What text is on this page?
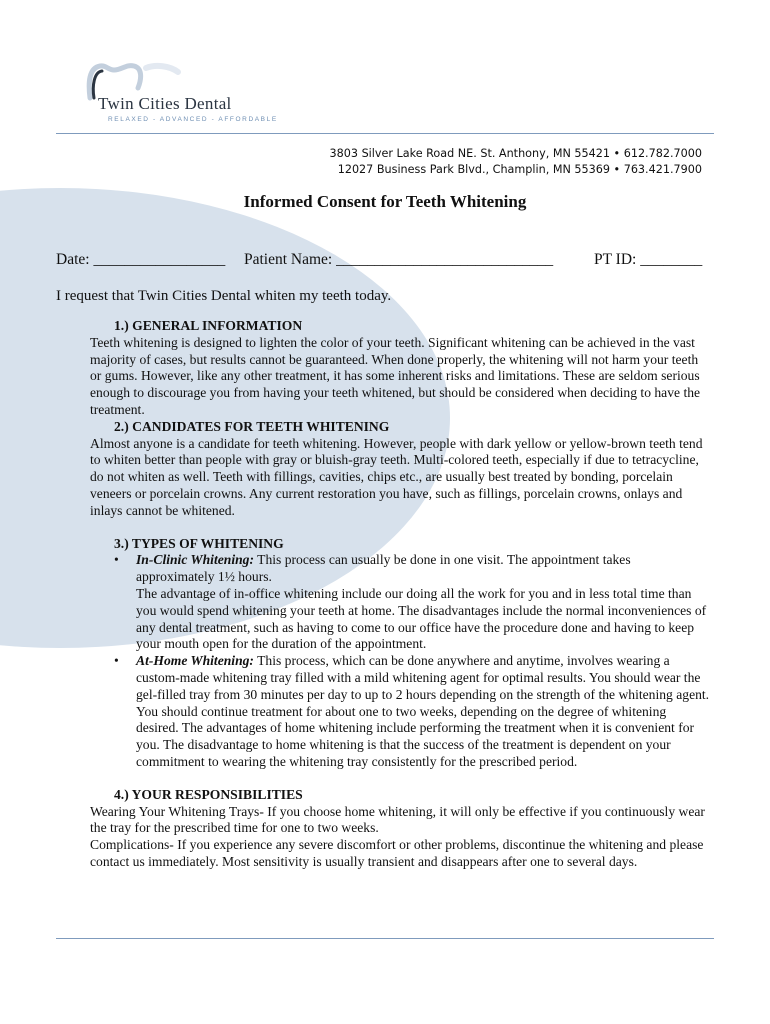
Twin Cities Dental
RELAXED - ADVANCED - AFFORDABLE
3803 Silver Lake Road NE. St. Anthony, MN 55421 • 612.782.7000
12027 Business Park Blvd., Champlin, MN 55369 • 763.421.7900
Informed Consent for Teeth Whitening
Date: _________________ Patient Name: ____________________________	PT ID: ________
I request that Twin Cities Dental whiten my teeth today.

1.) GENERAL INFORMATION

Teeth whitening is designed to lighten the color of your teeth. Significant whitening can be achieved in the vast majority of cases, but results cannot be guaranteed. When done properly, the whitening will not harm your teeth or gums. However, like any other treatment, it has some inherent risks and limitations. These are seldom serious enough to discourage you from having your teeth whitened, but should be considered when deciding to have the treatment.

2.) CANDIDATES FOR TEETH WHITENING

Almost anyone is a candidate for teeth whitening. However, people with dark yellow or yellow-brown teeth tend to whiten better than people with gray or bluish-gray teeth. Multi-colored teeth, especially if due to tetracycline, do not whiten as well. Teeth with fillings, cavities, chips etc., are usually best treated by bonding, porcelain veneers or porcelain crowns. Any current restoration you have, such as fillings, porcelain crowns, onlays and inlays cannot be whitened.

3.) TYPES OF WHITENING

• In-Clinic Whitening: This process can usually be done in one visit. The appointment takes approximately 1½ hours.
The advantage of in-office whitening include our doing all the work for you and in less total time than you would spend whitening your teeth at home. The disadvantages include the normal inconveniences of any dental treatment, such as having to come to our office have the procedure done and having to keep your mouth open for the duration of the appointment.
• At-Home Whitening: This process, which can be done anywhere and anytime, involves wearing a custom-made whitening tray filled with a mild whitening agent for optimal results. You should wear the gel-filled tray from 30 minutes per day to up to 2 hours depending on the strength of the whitening agent. You should continue treatment for about one to two weeks, depending on the degree of whitening desired. The advantages of home whitening include performing the treatment when it is convenient for you. The disadvantage to home whitening is that the success of the treatment is dependent on your commitment to wearing the whitening tray consistently for the prescribed period.

4.) YOUR RESPONSIBILITIES

Wearing Your Whitening Trays- If you choose home whitening, it will only be effective if you continuously wear the tray for the prescribed time for one to two weeks.

Complications- If you experience any severe discomfort or other problems, discontinue the whitening and please contact us immediately. Most sensitivity is usually transient and disappears after one to several days.
